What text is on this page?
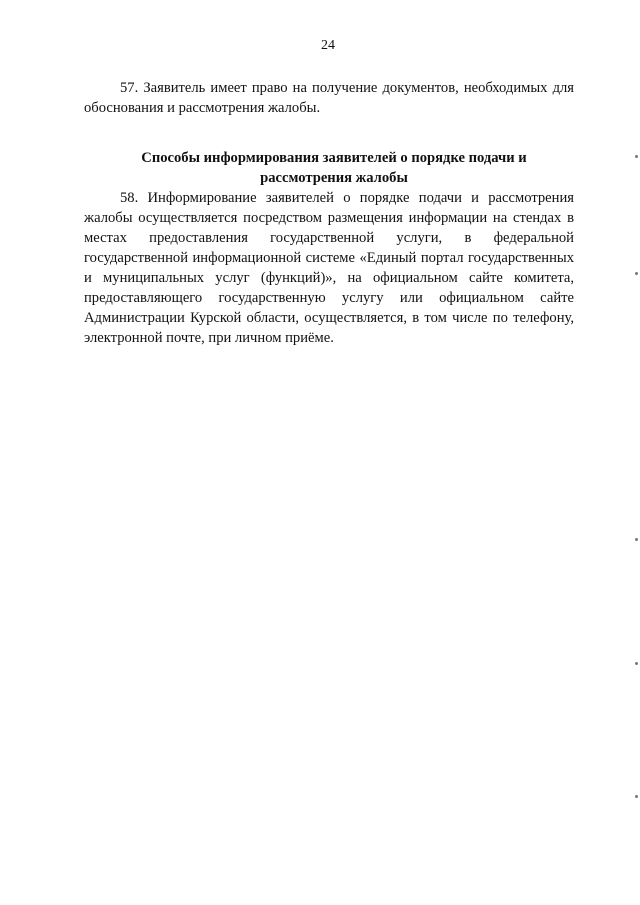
24

57. Заявитель имеет право на получение документов, необходимых для обоснования и рассмотрения жалобы.

Способы информирования заявителей о порядке подачи и
рассмотрения жалобы

58. Информирование заявителей о порядке подачи и рассмотрения жалобы осуществляется посредством размещения информации на стендах в местах предоставления государственной услуги, в федеральной государственной информационной системе «Единый портал государственных и муниципальных услуг (функций)», на официальном сайте комитета, предоставляющего государственную услугу или официальном сайте Администрации Курской области, осуществляется, в том числе по телефону, электронной почте, при личном приёме.
